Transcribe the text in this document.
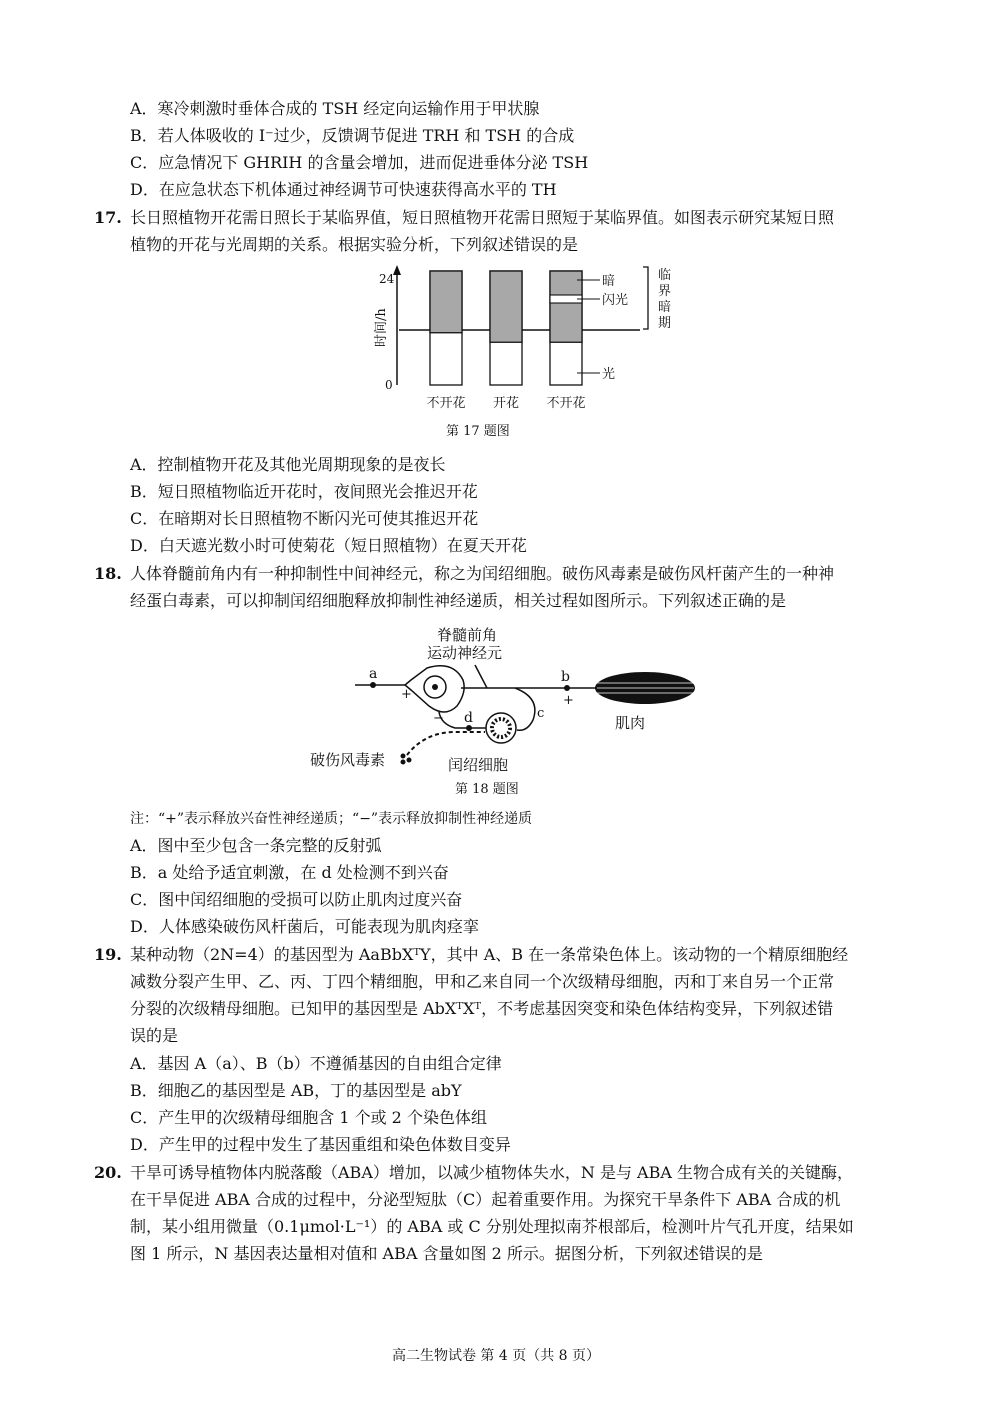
A．寒冷刺激时垂体合成的 TSH 经定向运输作用于甲状腺
B．若人体吸收的 I⁻过少，反馈调节促进 TRH 和 TSH 的合成
C．应急情况下 GHRIH 的含量会增加，进而促进垂体分泌 TSH
D．在应急状态下机体通过神经调节可快速获得高水平的 TH
17. 长日照植物开花需日照长于某临界值，短日照植物开花需日照短于某临界值。如图表示研究某短日照
植物的开花与光周期的关系。根据实验分析，下列叙述错误的是
24
0
时间/h
不开花 开花 不开花
暗
闪光
光
临界暗期
第 17 题图
A．控制植物开花及其他光周期现象的是夜长
B．短日照植物临近开花时，夜间照光会推迟开花
C．在暗期对长日照植物不断闪光可使其推迟开花
D．白天遮光数小时可使菊花（短日照植物）在夏天开花
18. 人体脊髓前角内有一种抑制性中间神经元，称之为闰绍细胞。破伤风毒素是破伤风杆菌产生的一种神
经蛋白毒素，可以抑制闰绍细胞释放抑制性神经递质，相关过程如图所示。下列叙述正确的是
脊髓前角
运动神经元
a
+
−
b
+
肌肉
c
d
破伤风毒素	闰绍细胞
第 18 题图
注：“+”表示释放兴奋性神经递质；“−”表示释放抑制性神经递质
A．图中至少包含一条完整的反射弧
B．a 处给予适宜刺激，在 d 处检测不到兴奋
C．图中闰绍细胞的受损可以防止肌肉过度兴奋
D．人体感染破伤风杆菌后，可能表现为肌肉痉挛
19. 某种动物（2N=4）的基因型为 AaBbXᵀY，其中 A、B 在一条常染色体上。该动物的一个精原细胞经
减数分裂产生甲、乙、丙、丁四个精细胞，甲和乙来自同一个次级精母细胞，丙和丁来自另一个正常
分裂的次级精母细胞。已知甲的基因型是 AbXᵀXᵀ，不考虑基因突变和染色体结构变异，下列叙述错
误的是
A．基因 A（a）、B（b）不遵循基因的自由组合定律
B．细胞乙的基因型是 AB，丁的基因型是 abY
C．产生甲的次级精母细胞含 1 个或 2 个染色体组
D．产生甲的过程中发生了基因重组和染色体数目变异
20. 干旱可诱导植物体内脱落酸（ABA）增加，以减少植物体失水，N 是与 ABA 生物合成有关的关键酶，
在干旱促进 ABA 合成的过程中，分泌型短肽（C）起着重要作用。为探究干旱条件下 ABA 合成的机
制，某小组用微量（0.1μmol·L⁻¹）的 ABA 或 C 分别处理拟南芥根部后，检测叶片气孔开度，结果如
图 1 所示，N 基因表达量相对值和 ABA 含量如图 2 所示。据图分析，下列叙述错误的是
高二生物试卷 第 4 页（共 8 页）
